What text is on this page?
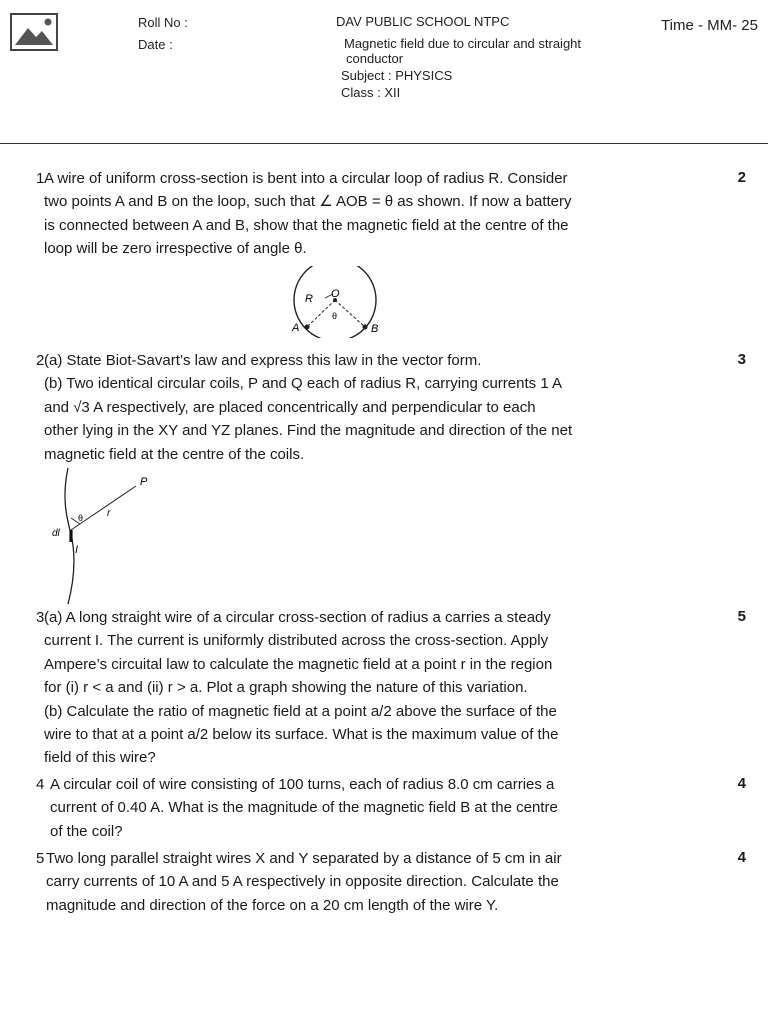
Roll No :
Date :
DAV PUBLIC SCHOOL NTPC
Magnetic field due to circular and straight
conductor
Subject : PHYSICS
Class : XII
Time - MM- 25
1 A wire of uniform cross-section is bent into a circular loop of radius R. Consider
two points A and B on the loop, such that ∠ AOB = θ as shown. If now a battery
is connected between A and B, show that the magnetic field at the centre of the
loop will be zero irrespective of angle θ.
2
R O
θ
A	B
2 (a) State Biot-Savart’s law and express this law in the vector form.
(b) Two identical circular coils, P and Q each of radius R, carrying currents 1 A
and √3 A respectively, are placed concentrically and perpendicular to each
other lying in the XY and YZ planes. Find the magnitude and direction of the net
magnetic field at the centre of the coils.
3
P
r
θ
dl
I
3 (a) A long straight wire of a circular cross-section of radius a carries a steady
current I. The current is uniformly distributed across the cross-section. Apply
Ampere’s circuital law to calculate the magnetic field at a point r in the region
for (i) r < a and (ii) r > a. Plot a graph showing the nature of this variation.
(b) Calculate the ratio of magnetic field at a point a/2 above the surface of the
wire to that at a point a/2 below its surface. What is the maximum value of the
field of this wire?
5
4 A circular coil of wire consisting of 100 turns, each of radius 8.0 cm carries a
current of 0.40 A. What is the magnitude of the magnetic field B at the centre
of the coil?
4
5 Two long parallel straight wires X and Y separated by a distance of 5 cm in air
carry currents of 10 A and 5 A respectively in opposite direction. Calculate the
magnitude and direction of the force on a 20 cm length of the wire Y.
4
